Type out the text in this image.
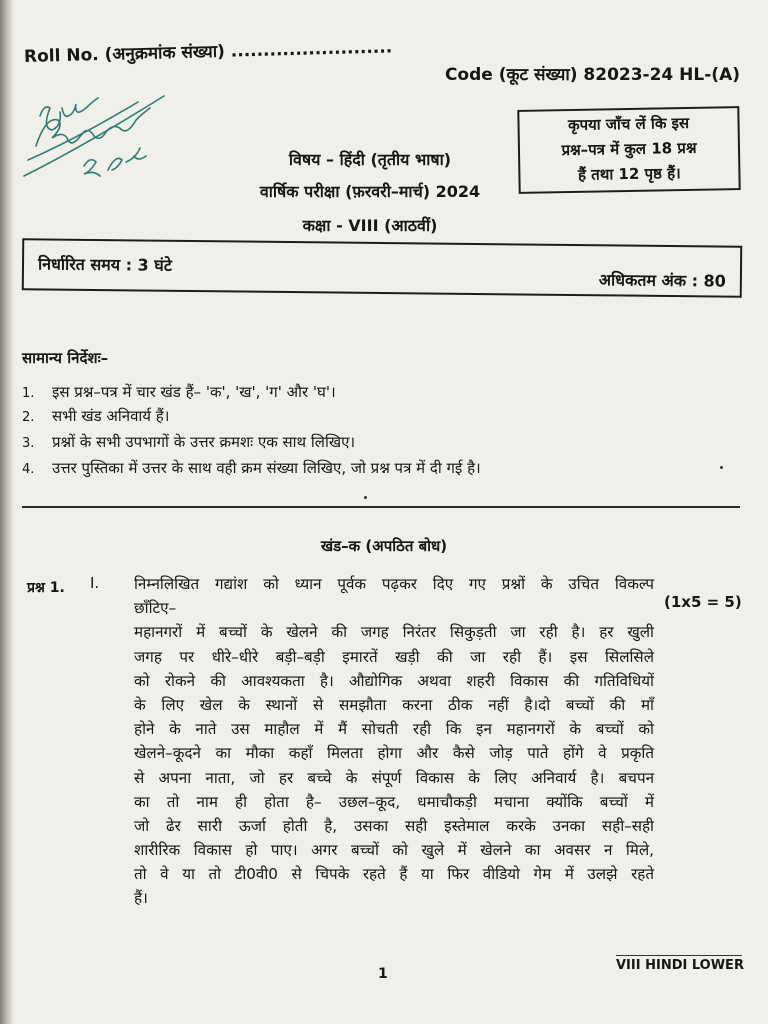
Roll No. (अनुक्रमांक संख्या) .........................
Code (कूट संख्या) 82023-24 HL-(A)
कृपया जाँच लें कि इस
प्रश्न–पत्र में कुल 18 प्रश्न
हैं तथा 12 पृष्ठ हैं।
विषय – हिंदी (तृतीय भाषा)
वार्षिक परीक्षा (फ़रवरी–मार्च) 2024
कक्षा - VIII (आठवीं)
निर्धारित समय : 3 घंटे
अधिकतम अंक : 80
सामान्य निर्देशः–
1. इस प्रश्न–पत्र में चार खंड हैं– 'क', 'ख', 'ग' और 'घ'।
2. सभी खंड अनिवार्य हैं।
3. प्रश्नों के सभी उपभागों के उत्तर क्रमशः एक साथ लिखिए।
4. उत्तर पुस्तिका में उत्तर के साथ वही क्रम संख्या लिखिए, जो प्रश्न पत्र में दी गई है।
खंड–क (अपठित बोध)
प्रश्न 1. I.
(1x5 = 5)
निम्नलिखित गद्यांश को ध्यान पूर्वक पढ़कर दिए गए प्रश्नों के उचित विकल्प
छाँटिए–
महानगरों में बच्चों के खेलने की जगह निरंतर सिकुड़ती जा रही है। हर खुली
जगह पर धीरे–धीरे बड़ी–बड़ी इमारतें खड़ी की जा रही हैं। इस सिलसिले
को रोकने की आवश्यकता है। औद्योगिक अथवा शहरी विकास की गतिविधियों
के लिए खेल के स्थानों से समझौता करना ठीक नहीं है।दो बच्चों की माँ
होने के नाते उस माहौल में मैं सोचती रही कि इन महानगरों के बच्चों को
खेलने–कूदने का मौका कहाँ मिलता होगा और कैसे जोड़ पाते होंगे वे प्रकृति
से अपना नाता, जो हर बच्चे के संपूर्ण विकास के लिए अनिवार्य है। बचपन
का तो नाम ही होता है– उछल–कूद, धमाचौकड़ी मचाना क्योंकि बच्चों में
जो ढेर सारी ऊर्जा होती है, उसका सही इस्तेमाल करके उनका सही–सही
शारीरिक विकास हो पाए। अगर बच्चों को खुले में खेलने का अवसर न मिले,
तो वे या तो टी0वी0 से चिपके रहते हैं या फिर वीडियो गेम में उलझे रहते
हैं।
1
VIII HINDI LOWER
